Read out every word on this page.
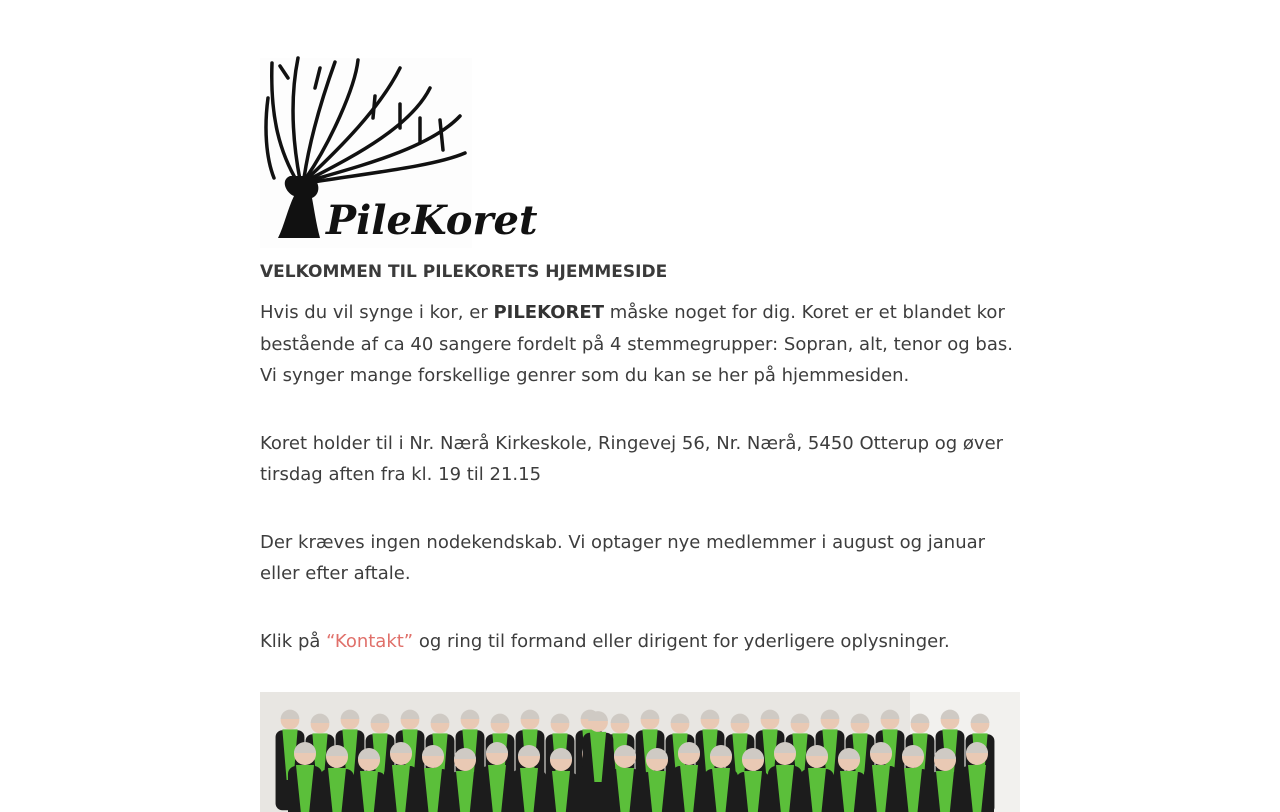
PileKoret
VELKOMMEN TIL PILEKORETS HJEMMESIDE

Hvis du vil synge i kor, er PILEKORET måske noget for dig. Koret er et blandet kor bestående af ca 40 sangere fordelt på 4 stemmegrupper: Sopran, alt, tenor og bas. Vi synger mange forskellige genrer som du kan se her på hjemmesiden.

Koret holder til i Nr. Nærå Kirkeskole, Ringevej 56, Nr. Nærå, 5450 Otterup og øver tirsdag aften fra kl. 19 til 21.15

Der kræves ingen nodekendskab. Vi optager nye medlemmer i august og januar eller efter aftale.

Klik på “Kontakt” og ring til formand eller dirigent for yderligere oplysninger.
